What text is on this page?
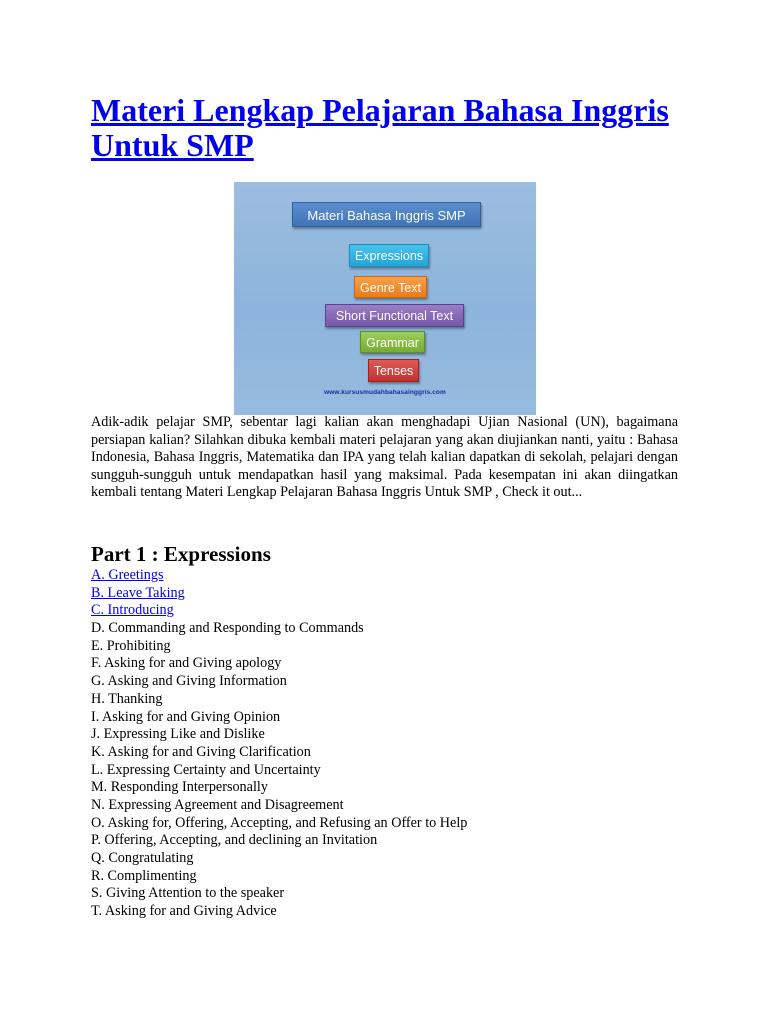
Materi Lengkap Pelajaran Bahasa Inggris Untuk SMP
Materi Bahasa Inggris SMP
Expressions
Genre Text
Short Functional Text
Grammar
Tenses
www.kursusmudahbahasainggris.com

Adik-adik pelajar SMP, sebentar lagi kalian akan menghadapi Ujian Nasional (UN), bagaimana persiapan kalian? Silahkan dibuka kembali materi pelajaran yang akan diujiankan nanti, yaitu : Bahasa Indonesia, Bahasa Inggris, Matematika dan IPA yang telah kalian dapatkan di sekolah, pelajari dengan sungguh-sungguh untuk mendapatkan hasil yang maksimal. Pada kesempatan ini akan diingatkan kembali tentang Materi Lengkap Pelajaran Bahasa Inggris Untuk SMP , Check it out...

Part 1 : Expressions
A. Greetings
B. Leave Taking
C. Introducing
D. Commanding and Responding to Commands
E. Prohibiting
F. Asking for and Giving apology
G. Asking and Giving Information
H. Thanking
I. Asking for and Giving Opinion
J. Expressing Like and Dislike
K. Asking for and Giving Clarification
L. Expressing Certainty and Uncertainty
M. Responding Interpersonally
N. Expressing Agreement and Disagreement
O. Asking for, Offering, Accepting, and Refusing an Offer to Help
P. Offering, Accepting, and declining an Invitation
Q. Congratulating
R. Complimenting
S. Giving Attention to the speaker
T. Asking for and Giving Advice
